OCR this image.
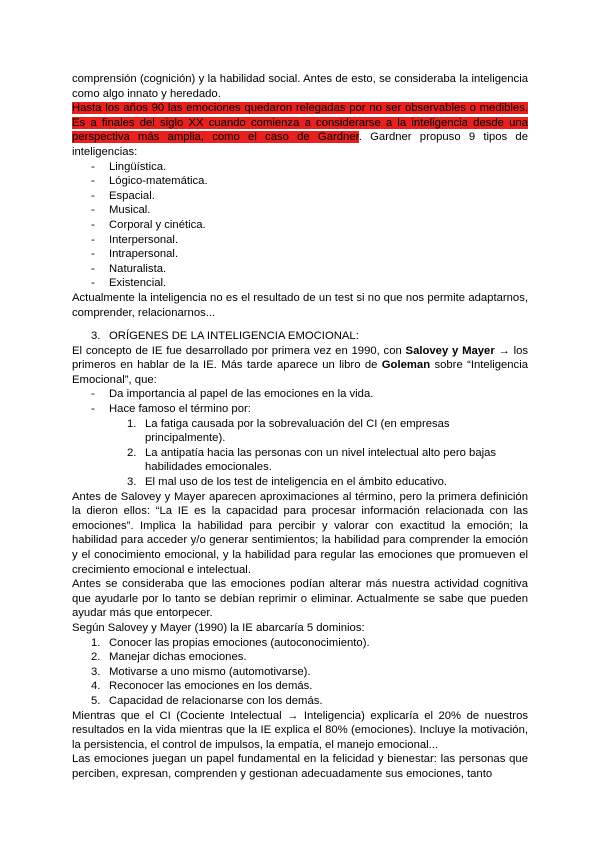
comprensión (cognición) y la habilidad social. Antes de esto, se consideraba la inteligencia como algo innato y heredado.

Hasta los años 90 las emociones quedaron relegadas por no ser observables o medibles. Es a finales del siglo XX cuando comienza a considerarse a la inteligencia desde una perspectiva más amplia, como el caso de Gardner. Gardner propuso 9 tipos de inteligencias:

- Lingüística.
- Lógico-matemática.
- Espacial.
- Musical.
- Corporal y cinética.
- Interpersonal.
- Intrapersonal.
- Naturalista.
- Existencial.

Actualmente la inteligencia no es el resultado de un test si no que nos permite adaptarnos, comprender, relacionarnos...

3. ORÍGENES DE LA INTELIGENCIA EMOCIONAL:

El concepto de IE fue desarrollado por primera vez en 1990, con Salovey y Mayer → los primeros en hablar de la IE. Más tarde aparece un libro de Goleman sobre “Inteligencia Emocional”, que:

- Da importancia al papel de las emociones en la vida.
- Hace famoso el término por:
1. La fatiga causada por la sobrevaluación del CI (en empresas principalmente).
2. La antipatía hacia las personas con un nivel intelectual alto pero bajas habilidades emocionales.
3. El mal uso de los test de inteligencia en el ámbito educativo.

Antes de Salovey y Mayer aparecen aproximaciones al término, pero la primera definición la dieron ellos: “La IE es la capacidad para procesar información relacionada con las emociones”. Implica la habilidad para percibir y valorar con exactitud la emoción; la habilidad para acceder y/o generar sentimientos; la habilidad para comprender la emoción y el conocimiento emocional, y la habilidad para regular las emociones que promueven el crecimiento emocional e intelectual.

Antes se consideraba que las emociones podían alterar más nuestra actividad cognitiva que ayudarle por lo tanto se debían reprimir o eliminar. Actualmente se sabe que pueden ayudar más que entorpecer.

Según Salovey y Mayer (1990) la IE abarcaría 5 dominios:

1. Conocer las propias emociones (autoconocimiento).
2. Manejar dichas emociones.
3. Motivarse a uno mismo (automotivarse).
4. Reconocer las emociones en los demás.
5. Capacidad de relacionarse con los demás.

Mientras que el CI (Cociente Intelectual → Inteligencia) explicaría el 20% de nuestros resultados en la vida mientras que la IE explica el 80% (emociones). Incluye la motivación, la persistencia, el control de impulsos, la empatía, el manejo emocional...

Las emociones juegan un papel fundamental en la felicidad y bienestar: las personas que perciben, expresan, comprenden y gestionan adecuadamente sus emociones, tanto
